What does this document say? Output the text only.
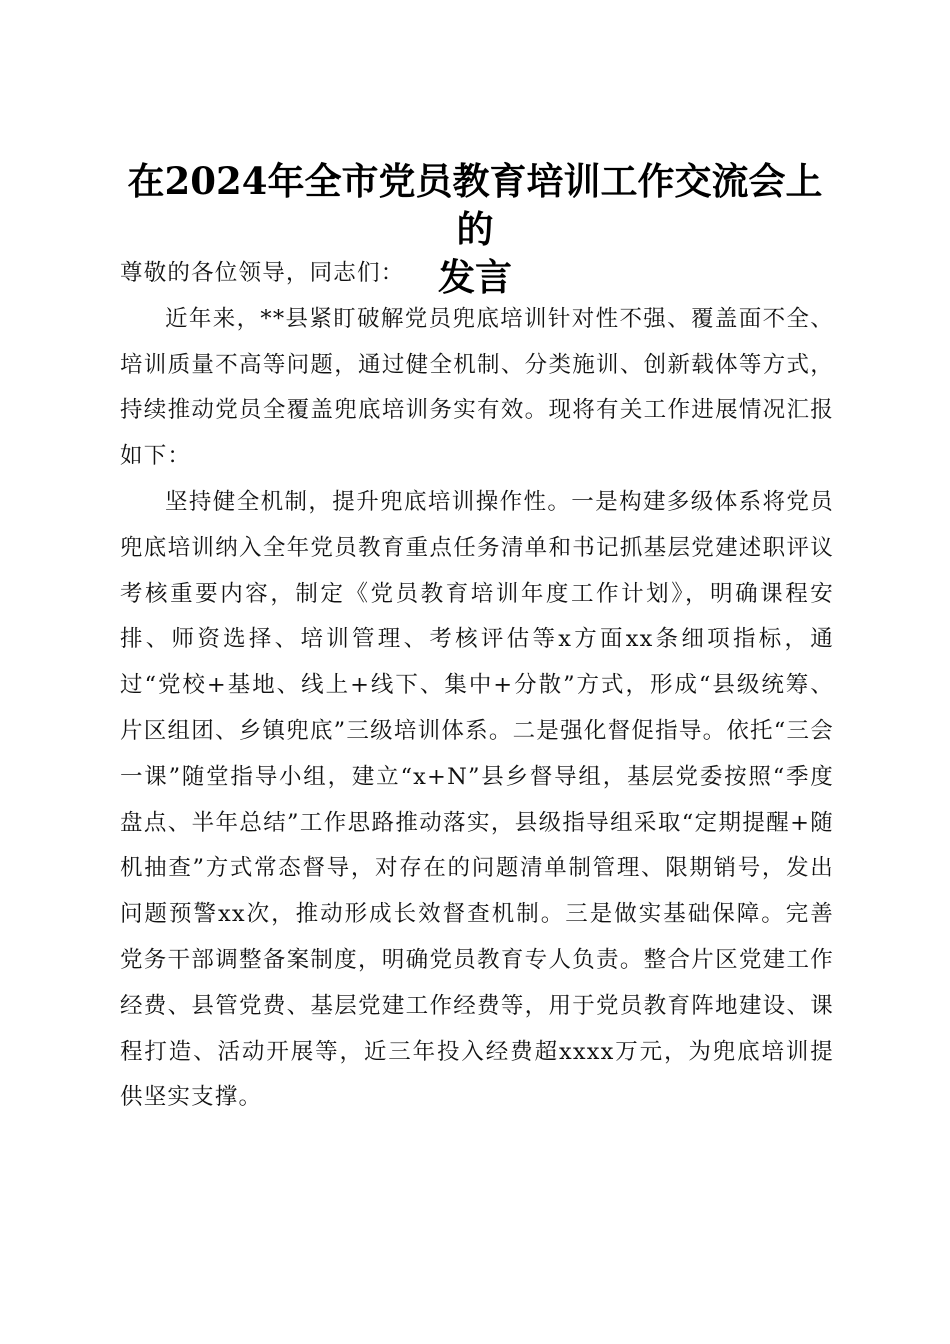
在2024年全市党员教育培训工作交流会上的
发言

尊敬的各位领导，同志们：

近年来，**县紧盯破解党员兜底培训针对性不强、覆盖面不全、培训质量不高等问题，通过健全机制、分类施训、创新载体等方式，持续推动党员全覆盖兜底培训务实有效。现将有关工作进展情况汇报如下：

坚持健全机制，提升兜底培训操作性。一是构建多级体系将党员兜底培训纳入全年党员教育重点任务清单和书记抓基层党建述职评议考核重要内容，制定《党员教育培训年度工作计划》，明确课程安排、师资选择、培训管理、考核评估等x方面xx条细项指标，通过“党校+基地、线上+线下、集中+分散”方式，形成“县级统筹、片区组团、乡镇兜底”三级培训体系。二是强化督促指导。依托“三会一课”随堂指导小组，建立“x+N”县乡督导组，基层党委按照“季度盘点、半年总结”工作思路推动落实，县级指导组采取“定期提醒+随机抽查”方式常态督导，对存在的问题清单制管理、限期销号，发出问题预警xx次，推动形成长效督查机制。三是做实基础保障。完善党务干部调整备案制度，明确党员教育专人负责。整合片区党建工作经费、县管党费、基层党建工作经费等，用于党员教育阵地建设、课程打造、活动开展等，近三年投入经费超xxxx万元，为兜底培训提供坚实支撑。
